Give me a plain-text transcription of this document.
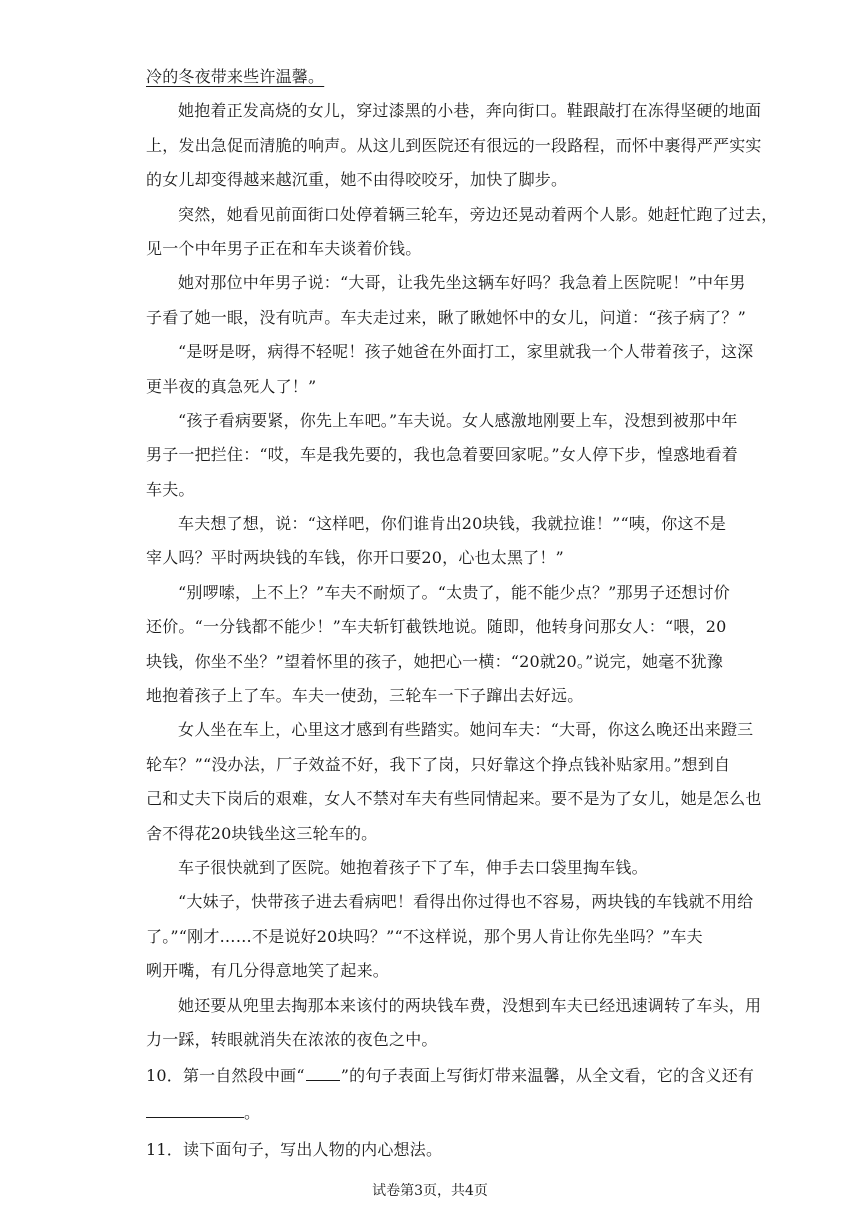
冷的冬夜带来些许温馨。
她抱着正发高烧的女儿，穿过漆黑的小巷，奔向街口。鞋跟敲打在冻得坚硬的地面
上，发出急促而清脆的响声。从这儿到医院还有很远的一段路程，而怀中裹得严严实实
的女儿却变得越来越沉重，她不由得咬咬牙，加快了脚步。
突然，她看见前面街口处停着辆三轮车，旁边还晃动着两个人影。她赶忙跑了过去，
见一个中年男子正在和车夫谈着价钱。
她对那位中年男子说：“大哥，让我先坐这辆车好吗？我急着上医院呢！”中年男
子看了她一眼，没有吭声。车夫走过来，瞅了瞅她怀中的女儿，问道：“孩子病了？”
“是呀是呀，病得不轻呢！孩子她爸在外面打工，家里就我一个人带着孩子，这深
更半夜的真急死人了！”
“孩子看病要紧，你先上车吧。”车夫说。女人感激地刚要上车，没想到被那中年
男子一把拦住：“哎，车是我先要的，我也急着要回家呢。”女人停下步，惶惑地看着
车夫。
车夫想了想，说：“这样吧，你们谁肯出20块钱，我就拉谁！”“咦，你这不是
宰人吗？平时两块钱的车钱，你开口要20，心也太黑了！”
“别啰嗦，上不上？”车夫不耐烦了。“太贵了，能不能少点？”那男子还想讨价
还价。“一分钱都不能少！”车夫斩钉截铁地说。随即，他转身问那女人：“喂，20
块钱，你坐不坐？”望着怀里的孩子，她把心一横：“20就20。”说完，她毫不犹豫
地抱着孩子上了车。车夫一使劲，三轮车一下子蹿出去好远。
女人坐在车上，心里这才感到有些踏实。她问车夫：“大哥，你这么晚还出来蹬三
轮车？”“没办法，厂子效益不好，我下了岗，只好靠这个挣点钱补贴家用。”想到自
己和丈夫下岗后的艰难，女人不禁对车夫有些同情起来。要不是为了女儿，她是怎么也
舍不得花20块钱坐这三轮车的。
车子很快就到了医院。她抱着孩子下了车，伸手去口袋里掏车钱。
“大妹子，快带孩子进去看病吧！看得出你过得也不容易，两块钱的车钱就不用给
了。”“刚才……不是说好20块吗？”“不这样说，那个男人肯让你先坐吗？”车夫
咧开嘴，有几分得意地笑了起来。
她还要从兜里去掏那本来该付的两块钱车费，没想到车夫已经迅速调转了车头，用
力一踩，转眼就消失在浓浓的夜色之中。
10．第一自然段中画“ ”的句子表面上写街灯带来温馨，从全文看，它的含义还有
。
11．读下面句子，写出人物的内心想法。
试卷第3页，共4页
